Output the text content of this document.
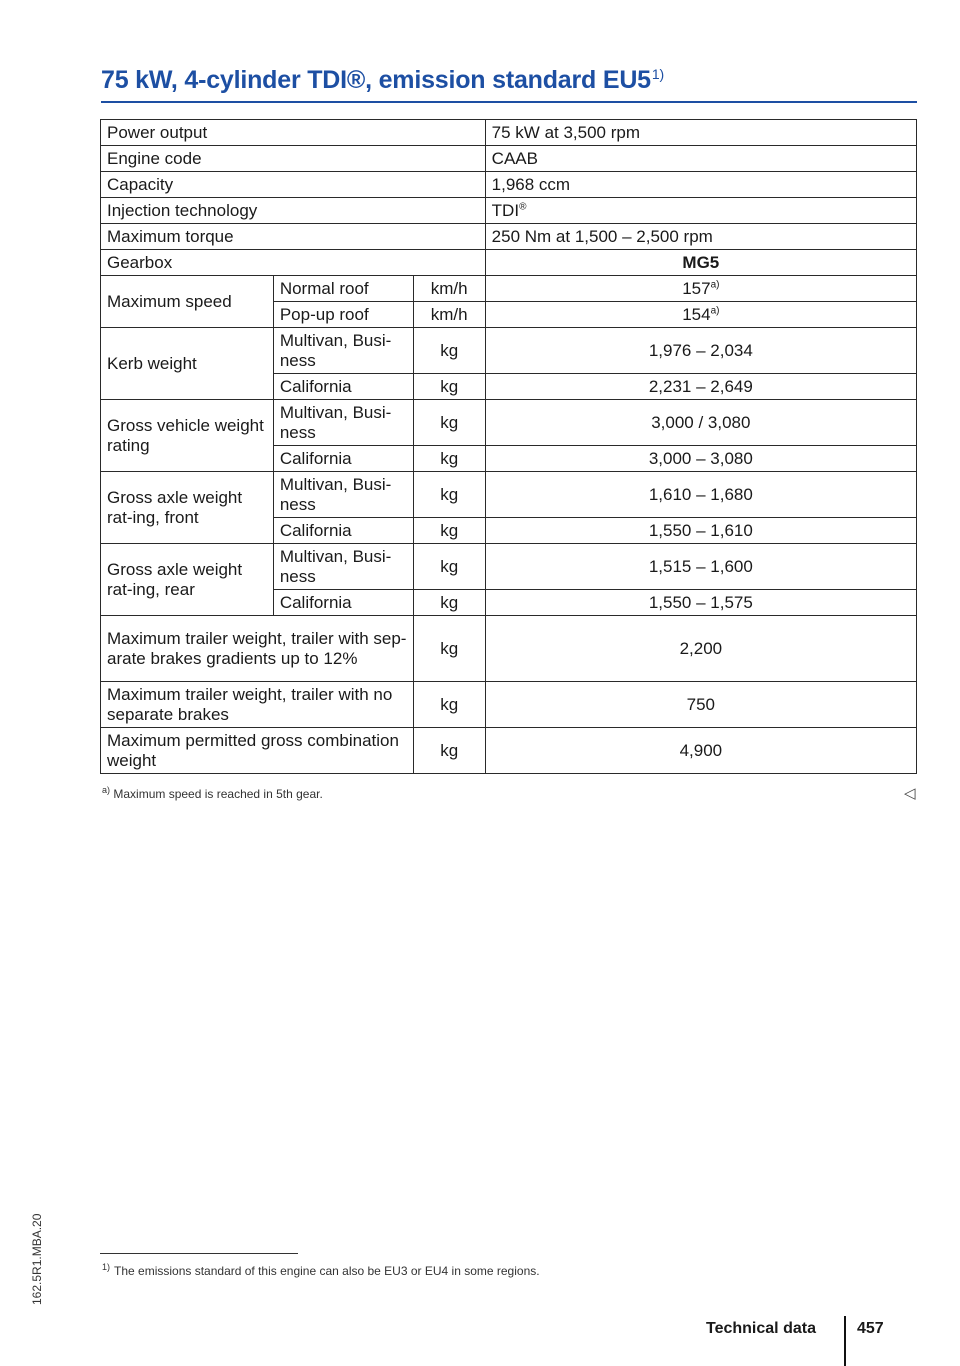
75 kW, 4-cylinder TDI®, emission standard EU5$^{1)}$
Power output			75 kW at 3,500 rpm
Engine code			CAAB
Capacity			1,968 ccm
Injection technology			TDI®
Maximum torque			250 Nm at 1,500 – 2,500 rpm
Gearbox			MG5
Maximum speed	Normal roof	km/h	157$^{a)}$
	Pop-up roof	km/h	154$^{a)}$
Kerb weight	Multivan, Busi-ness	kg	1,976 – 2,034
	California	kg	2,231 – 2,649
Gross vehicle weight rating	Multivan, Busi-ness	kg	3,000 / 3,080
	California	kg	3,000 – 3,080
Gross axle weight rat-ing, front	Multivan, Busi-ness	kg	1,610 – 1,680
	California	kg	1,550 – 1,610
Gross axle weight rat-ing, rear	Multivan, Busi-ness	kg	1,515 – 1,600
	California	kg	1,550 – 1,575
Maximum trailer weight, trailer with sep-arate brakes gradients up to 12%		kg	2,200
Maximum trailer weight, trailer with no separate brakes		kg	750
Maximum permitted gross combination weight		kg	4,900
$^{a)}$ Maximum speed is reached in 5th gear.	◁
162.5R1.MBA.20	$^{1)}$ The emissions standard of this engine can also be EU3 or EU4 in some regions.
Technical data	457
